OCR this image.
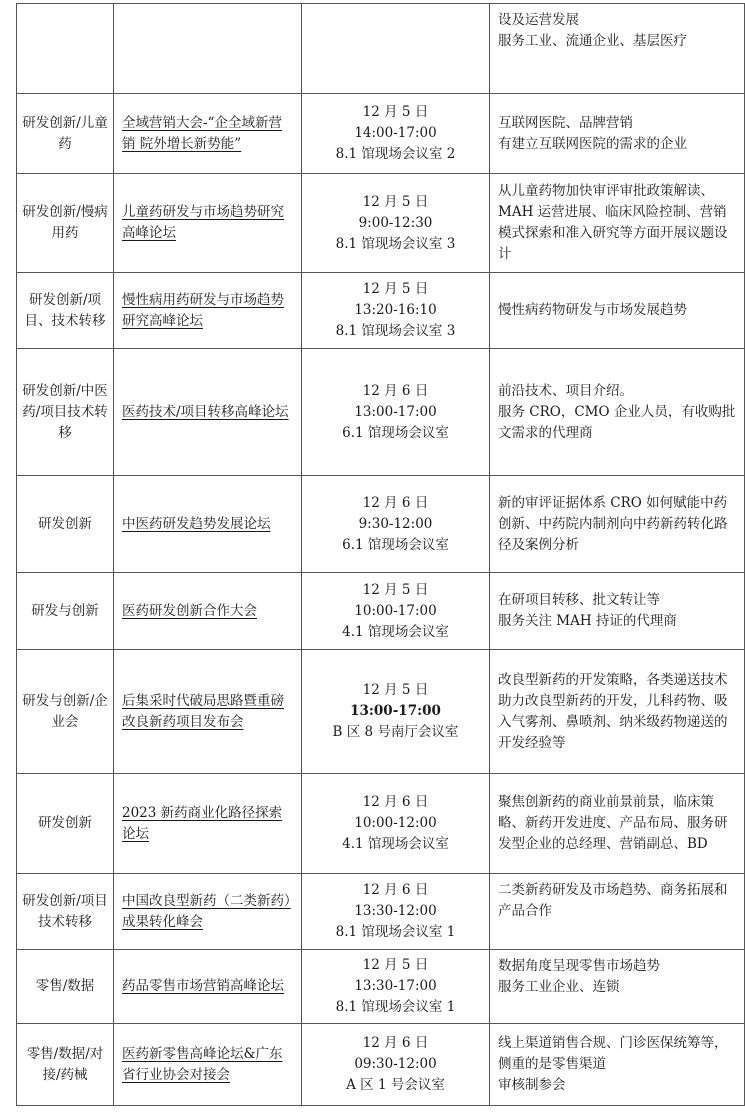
			设及运营发展
服务工业、流通企业、基层医疗

研发创新/儿童药	全域营销大会-“企全域新营销 院外增长新势能”	12 月 5 日
14:00-17:00
8.1 馆现场会议室 2	互联网医院、品牌营销
有建立互联网医院的需求的企业

研发创新/慢病用药	儿童药研发与市场趋势研究高峰论坛	12 月 5 日
9:00-12:30
8.1 馆现场会议室 3	从儿童药物加快审评审批政策解读、MAH 运营进展、临床风险控制、营销模式探索和准入研究等方面开展议题设计

研发创新/项目、技术转移	慢性病用药研发与市场趋势研究高峰论坛	12 月 5 日
13:20-16:10
8.1 馆现场会议室 3	慢性病药物研发与市场发展趋势

研发创新/中医药/项目技术转移	医药技术/项目转移高峰论坛	12 月 6 日
13:00-17:00
6.1 馆现场会议室	前沿技术、项目介绍。
服务 CRO，CMO 企业人员，有收购批文需求的代理商

研发创新	中医药研发趋势发展论坛	12 月 6 日
9:30-12:00
6.1 馆现场会议室	新的审评证据体系 CRO 如何赋能中药创新、中药院内制剂向中药新药转化路径及案例分析

研发与创新	医药研发创新合作大会	12 月 5 日
10:00-17:00
4.1 馆现场会议室	在研项目转移、批文转让等
服务关注 MAH 持证的代理商

研发与创新/企业会	后集采时代破局思路暨重磅改良新药项目发布会	12 月 5 日
13:00-17:00
B 区 8 号南厅会议室	改良型新药的开发策略，各类递送技术助力改良型新药的开发，儿科药物、吸入气雾剂、鼻喷剂、纳米级药物递送的开发经验等

研发创新	2023 新药商业化路径探索论坛	12 月 6 日
10:00-12:00
4.1 馆现场会议室	聚焦创新药的商业前景前景，临床策略、新药开发进度、产品布局、服务研发型企业的总经理、营销副总、BD

研发创新/项目技术转移	中国改良型新药（二类新药）成果转化峰会	12 月 6 日
13:30-12:00
8.1 馆现场会议室 1	二类新药研发及市场趋势、商务拓展和产品合作

零售/数据	药品零售市场营销高峰论坛	12 月 5 日
13:30-17:00
8.1 馆现场会议室 1	数据角度呈现零售市场趋势
服务工业企业、连锁

零售/数据/对接/药械	医药新零售高峰论坛&广东省行业协会对接会	12 月 6 日
09:30-12:00
A 区 1 号会议室	线上渠道销售合规、门诊医保统筹等，侧重的是零售渠道
审核制参会
